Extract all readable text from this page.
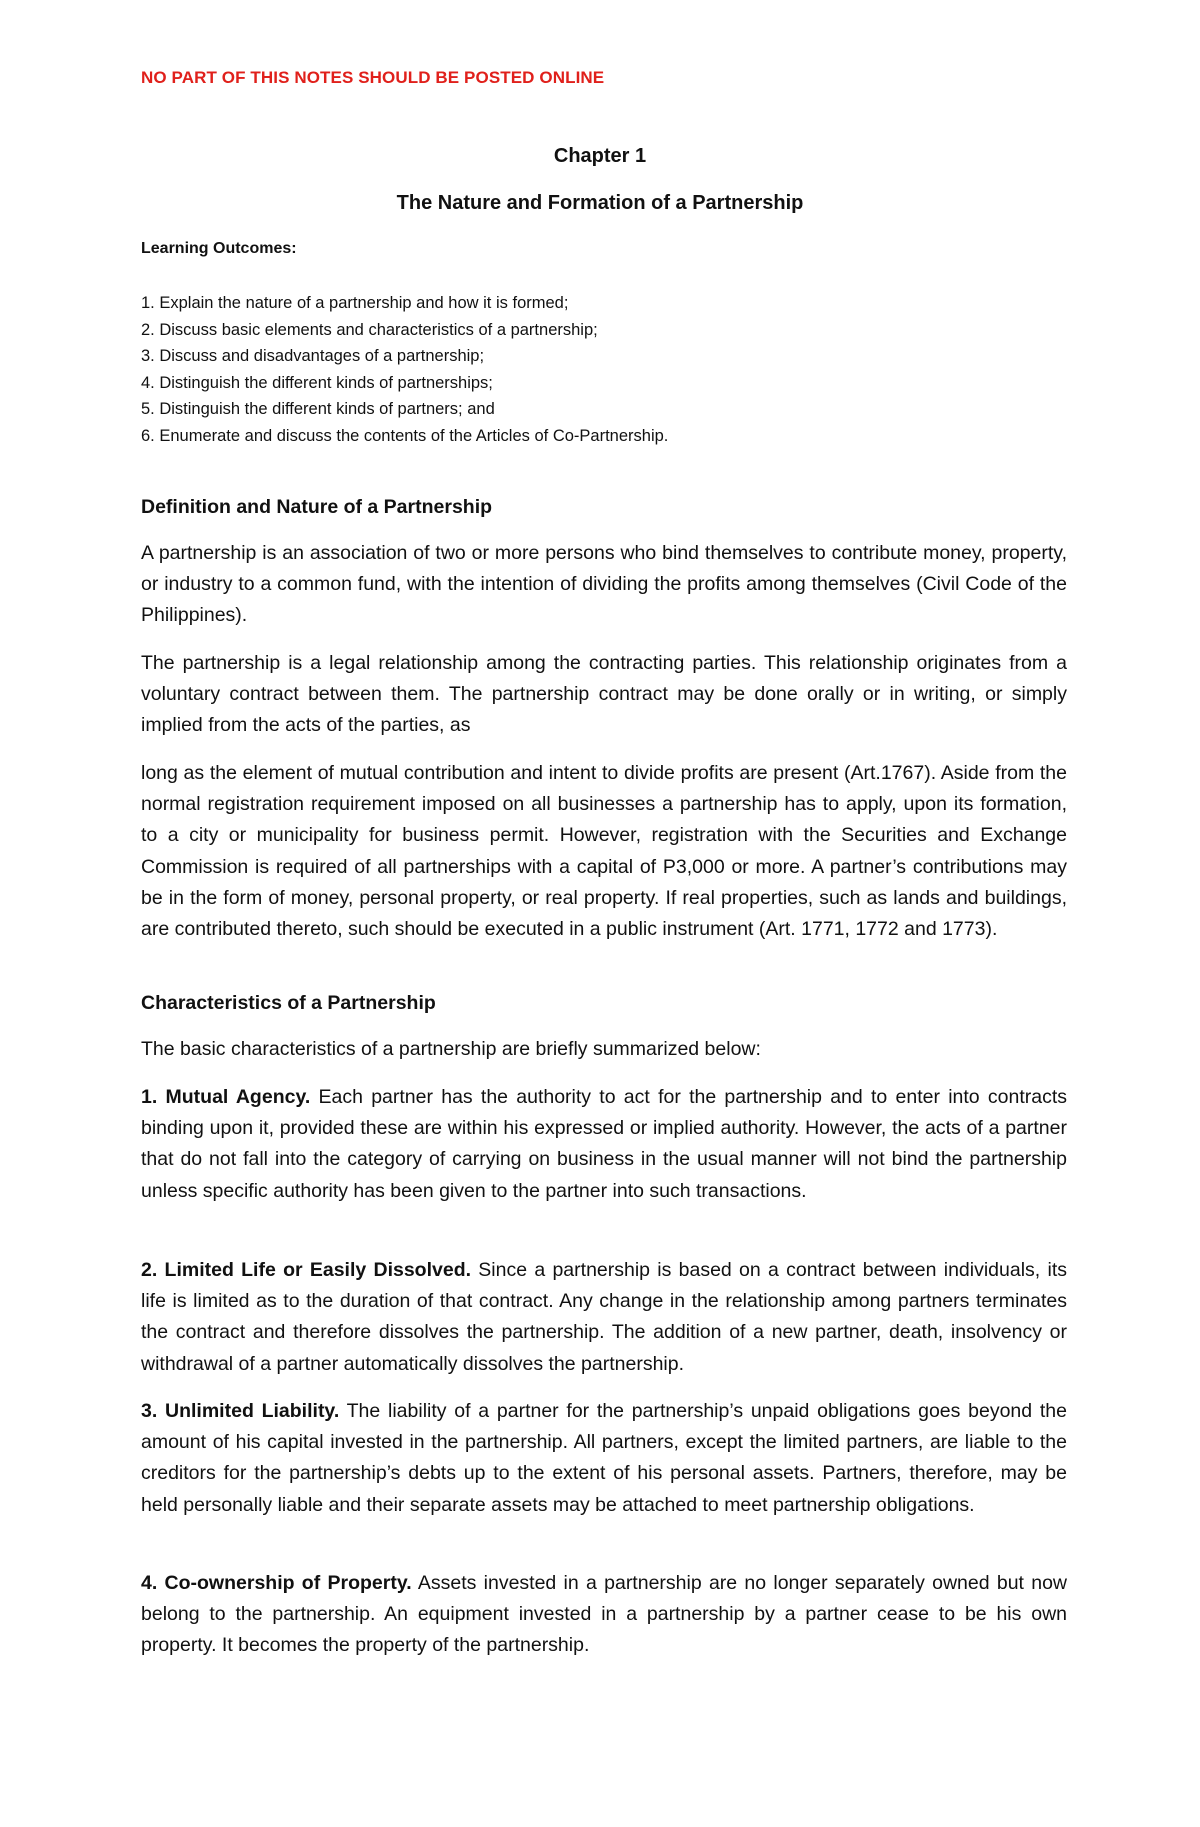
NO PART OF THIS NOTES SHOULD BE POSTED ONLINE
Chapter 1
The Nature and Formation of a Partnership
Learning Outcomes:
1. Explain the nature of a partnership and how it is formed;
2. Discuss basic elements and characteristics of a partnership;
3. Discuss and disadvantages of a partnership;
4. Distinguish the different kinds of partnerships;
5. Distinguish the different kinds of partners; and
6. Enumerate and discuss the contents of the Articles of Co-Partnership.
Definition and Nature of a Partnership

A partnership is an association of two or more persons who bind themselves to contribute money, property, or industry to a common fund, with the intention of dividing the profits among themselves (Civil Code of the Philippines).

The partnership is a legal relationship among the contracting parties. This relationship originates from a voluntary contract between them. The partnership contract may be done orally or in writing, or simply implied from the acts of the parties, as

long as the element of mutual contribution and intent to divide profits are present (Art.1767). Aside from the normal registration requirement imposed on all businesses a partnership has to apply, upon its formation, to a city or municipality for business permit. However, registration with the Securities and Exchange Commission is required of all partnerships with a capital of P3,000 or more. A partner’s contributions may be in the form of money, personal property, or real property. If real properties, such as lands and buildings, are contributed thereto, such should be executed in a public instrument (Art. 1771, 1772 and 1773).

Characteristics of a Partnership

The basic characteristics of a partnership are briefly summarized below:

1. Mutual Agency. Each partner has the authority to act for the partnership and to enter into contracts binding upon it, provided these are within his expressed or implied authority. However, the acts of a partner that do not fall into the category of carrying on business in the usual manner will not bind the partnership unless specific authority has been given to the partner into such transactions.

2. Limited Life or Easily Dissolved. Since a partnership is based on a contract between individuals, its life is limited as to the duration of that contract. Any change in the relationship among partners terminates the contract and therefore dissolves the partnership. The addition of a new partner, death, insolvency or withdrawal of a partner automatically dissolves the partnership.

3. Unlimited Liability. The liability of a partner for the partnership’s unpaid obligations goes beyond the amount of his capital invested in the partnership. All partners, except the limited partners, are liable to the creditors for the partnership’s debts up to the extent of his personal assets. Partners, therefore, may be held personally liable and their separate assets may be attached to meet partnership obligations.

4. Co-ownership of Property. Assets invested in a partnership are no longer separately owned but now belong to the partnership. An equipment invested in a partnership by a partner cease to be his own property. It becomes the property of the partnership.
